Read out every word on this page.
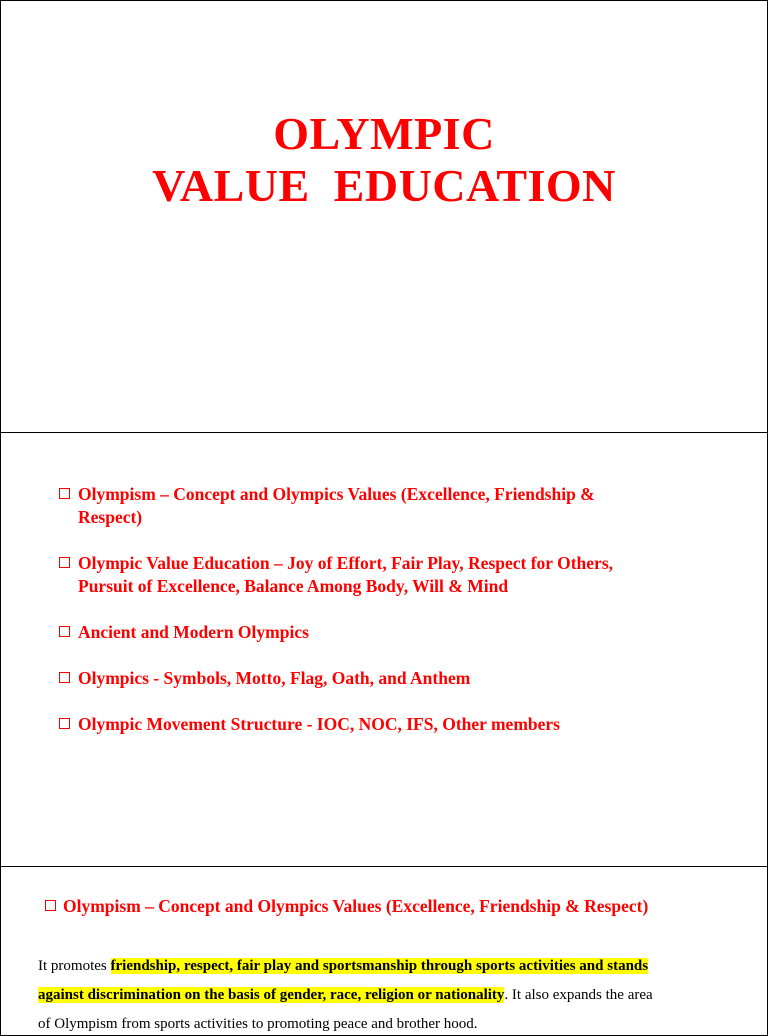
OLYMPIC
VALUE  EDUCATION
Olympism – Concept and Olympics Values (Excellence, Friendship &
Respect)
Olympic Value Education – Joy of Effort, Fair Play, Respect for Others,
Pursuit of Excellence, Balance Among Body, Will & Mind
Ancient and Modern Olympics
Olympics - Symbols, Motto, Flag, Oath, and Anthem
Olympic Movement Structure - IOC, NOC, IFS, Other members
Olympism – Concept and Olympics Values (Excellence, Friendship & Respect)
It promotes friendship, respect, fair play and sportsmanship through sports activities and stands
against discrimination on the basis of gender, race, religion or nationality. It also expands the area
of Olympism from sports activities to promoting peace and brother hood.
